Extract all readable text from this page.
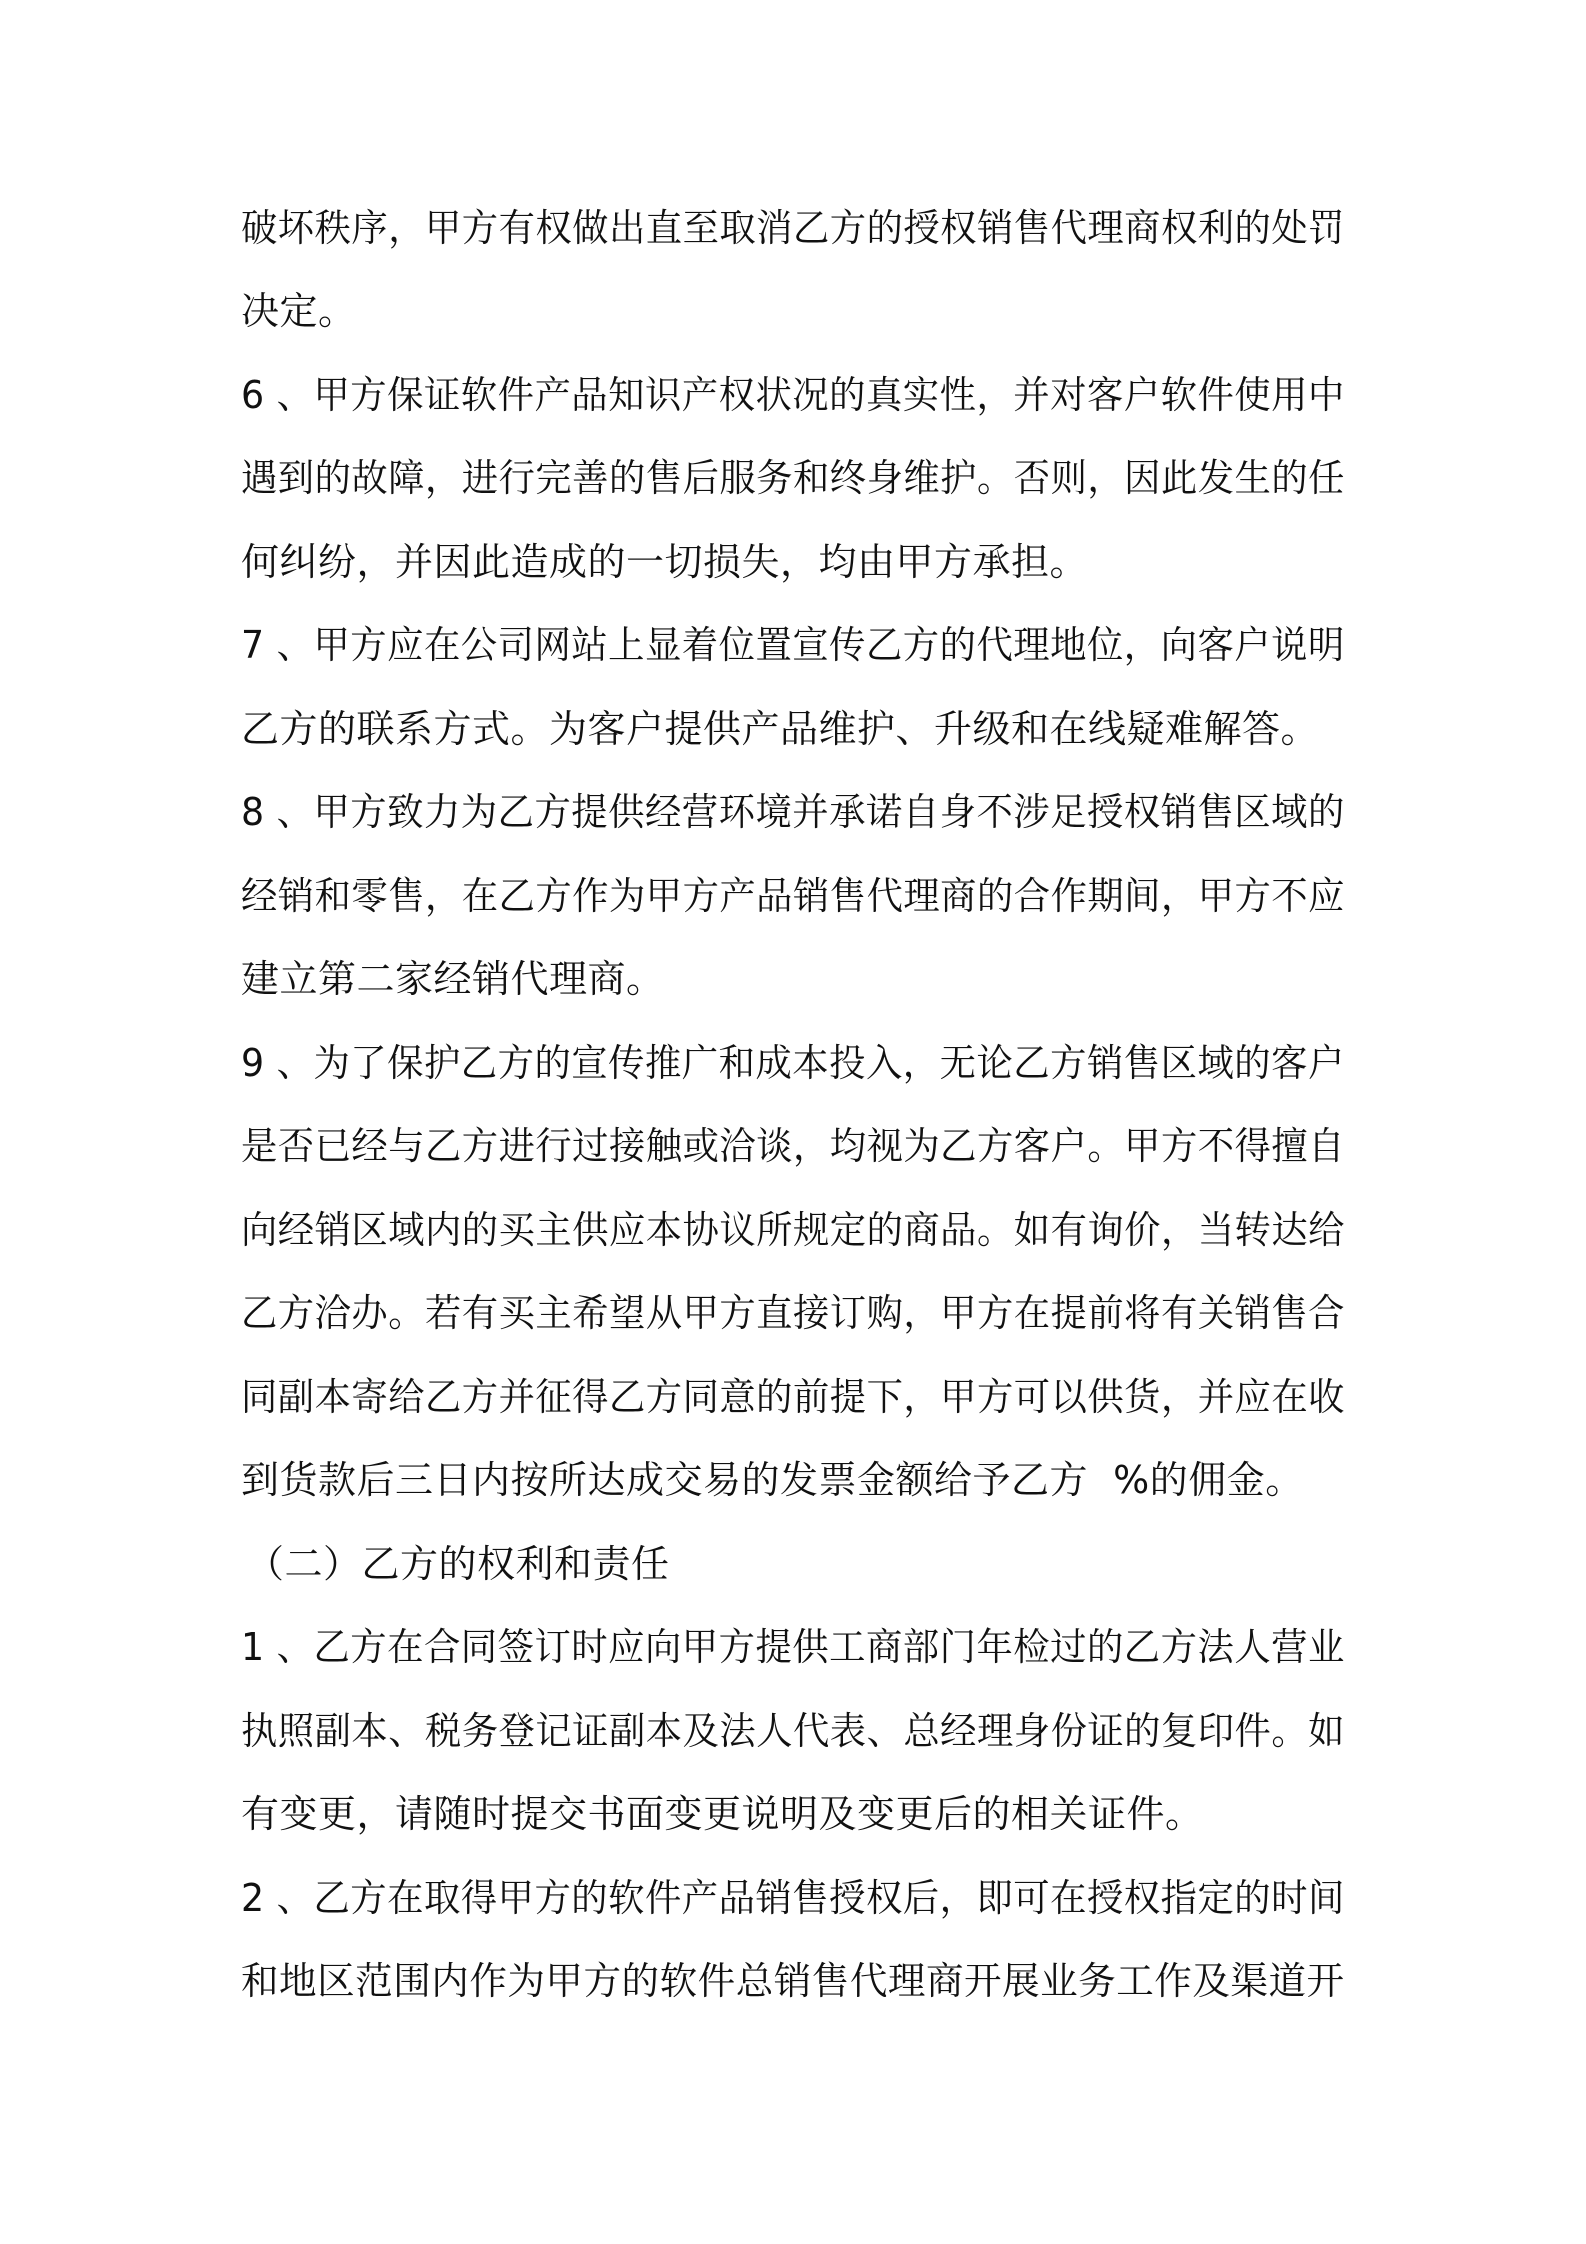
破坏秩序，甲方有权做出直至取消乙方的授权销售代理商权利的处罚
决定。
6 、甲方保证软件产品知识产权状况的真实性，并对客户软件使用中
遇到的故障，进行完善的售后服务和终身维护。否则，因此发生的任
何纠纷，并因此造成的一切损失，均由甲方承担。
7 、甲方应在公司网站上显着位置宣传乙方的代理地位，向客户说明
乙方的联系方式。为客户提供产品维护、升级和在线疑难解答。
8 、甲方致力为乙方提供经营环境并承诺自身不涉足授权销售区域的
经销和零售，在乙方作为甲方产品销售代理商的合作期间，甲方不应
建立第二家经销代理商。
9 、为了保护乙方的宣传推广和成本投入，无论乙方销售区域的客户
是否已经与乙方进行过接触或洽谈，均视为乙方客户。甲方不得擅自
向经销区域内的买主供应本协议所规定的商品。如有询价，当转达给
乙方洽办。若有买主希望从甲方直接订购，甲方在提前将有关销售合
同副本寄给乙方并征得乙方同意的前提下，甲方可以供货，并应在收
到货款后三日内按所达成交易的发票金额给予乙方  %的佣金。
（二）乙方的权利和责任
1 、乙方在合同签订时应向甲方提供工商部门年检过的乙方法人营业
执照副本、税务登记证副本及法人代表、总经理身份证的复印件。如
有变更，请随时提交书面变更说明及变更后的相关证件。
2 、乙方在取得甲方的软件产品销售授权后，即可在授权指定的时间
和地区范围内作为甲方的软件总销售代理商开展业务工作及渠道开
